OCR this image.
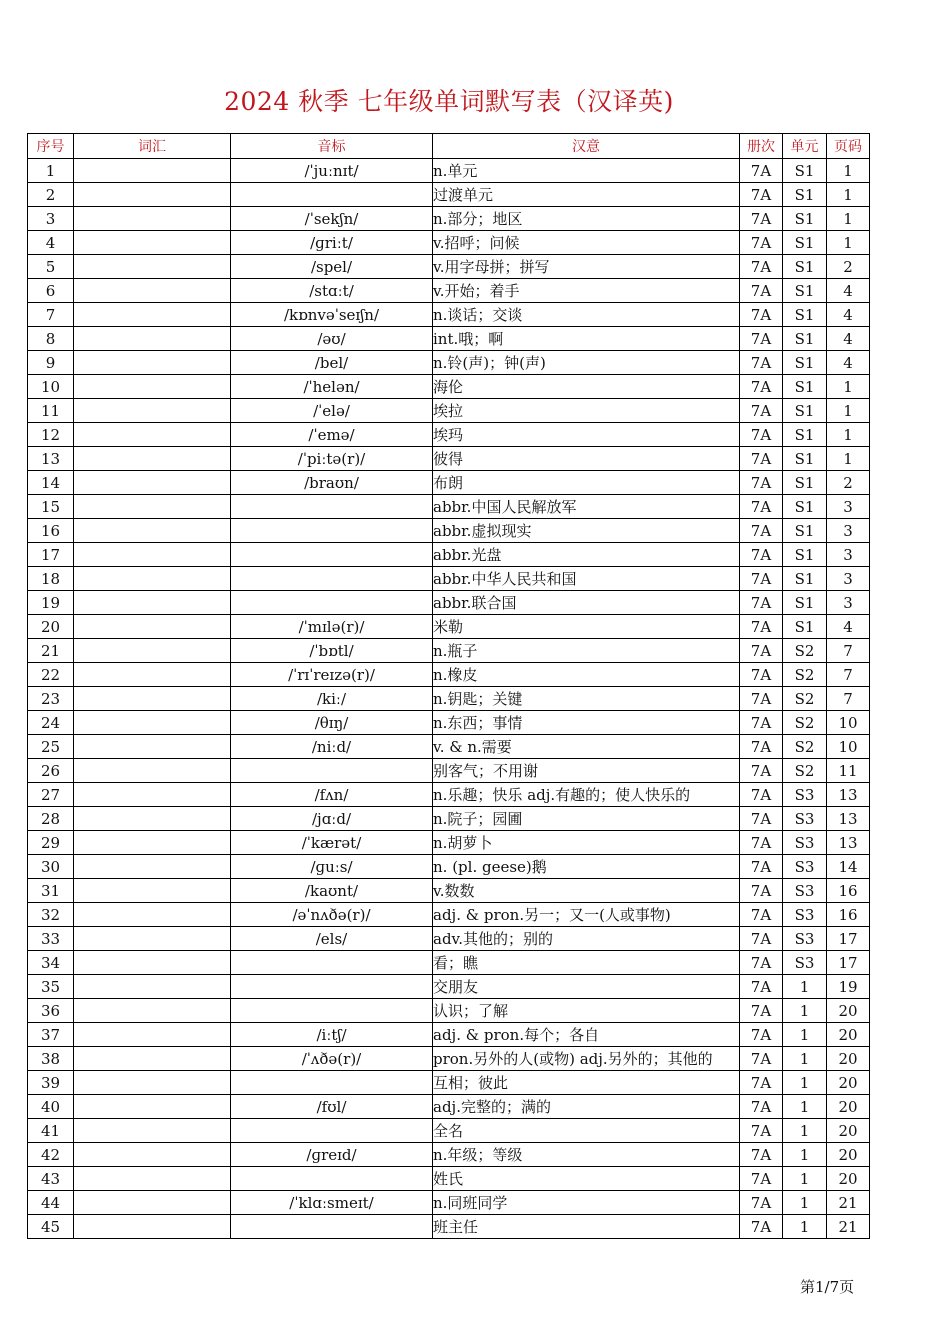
2024 秋季 七年级单词默写表（汉译英)
序号	词汇	音标	汉意	册次	单元	页码
1		/ˈjuːnɪt/	n.单元	7A	S1	1
2			过渡单元	7A	S1	1
3		/ˈsekʃn/	n.部分；地区	7A	S1	1
4		/ɡriːt/	v.招呼；问候	7A	S1	1
5		/spel/	v.用字母拼；拼写	7A	S1	2
6		/stɑːt/	v.开始；着手	7A	S1	4
7		/kɒnvəˈseɪʃn/	n.谈话；交谈	7A	S1	4
8		/əʊ/	int.哦；啊	7A	S1	4
9		/bel/	n.铃(声)；钟(声)	7A	S1	4
10		/ˈhelən/	海伦	7A	S1	1
11		/ˈelə/	埃拉	7A	S1	1
12		/ˈemə/	埃玛	7A	S1	1
13		/ˈpiːtə(r)/	彼得	7A	S1	1
14		/braʊn/	布朗	7A	S1	2
15			abbr.中国人民解放军	7A	S1	3
16			abbr.虚拟现实	7A	S1	3
17			abbr.光盘	7A	S1	3
18			abbr.中华人民共和国	7A	S1	3
19			abbr.联合国	7A	S1	3
20		/ˈmɪlə(r)/	米勒	7A	S1	4
21		/ˈbɒtl/	n.瓶子	7A	S2	7
22		/ˈrɪˈreɪzə(r)/	n.橡皮	7A	S2	7
23		/kiː/	n.钥匙；关键	7A	S2	7
24		/θɪŋ/	n.东西；事情	7A	S2	10
25		/niːd/	v. & n.需要	7A	S2	10
26			别客气；不用谢	7A	S2	11
27		/fʌn/	n.乐趣；快乐 adj.有趣的；使人快乐的	7A	S3	13
28		/jɑːd/	n.院子；园圃	7A	S3	13
29		/ˈkærət/	n.胡萝卜	7A	S3	13
30		/ɡuːs/	n. (pl. geese)鹅	7A	S3	14
31		/kaʊnt/	v.数数	7A	S3	16
32		/əˈnʌðə(r)/	adj. & pron.另一；又一(人或事物)	7A	S3	16
33		/els/	adv.其他的；别的	7A	S3	17
34			看；瞧	7A	S3	17
35			交朋友	7A	1	19
36			认识；了解	7A	1	20
37		/iːtʃ/	adj. & pron.每个；各自	7A	1	20
38		/ˈʌðə(r)/	pron.另外的人(或物) adj.另外的；其他的	7A	1	20
39			互相；彼此	7A	1	20
40		/fʊl/	adj.完整的；满的	7A	1	20
41			全名	7A	1	20
42		/ɡreɪd/	n.年级；等级	7A	1	20
43			姓氏	7A	1	20
44		/ˈklɑːsmeɪt/	n.同班同学	7A	1	21
45			班主任	7A	1	21
第1/7页
